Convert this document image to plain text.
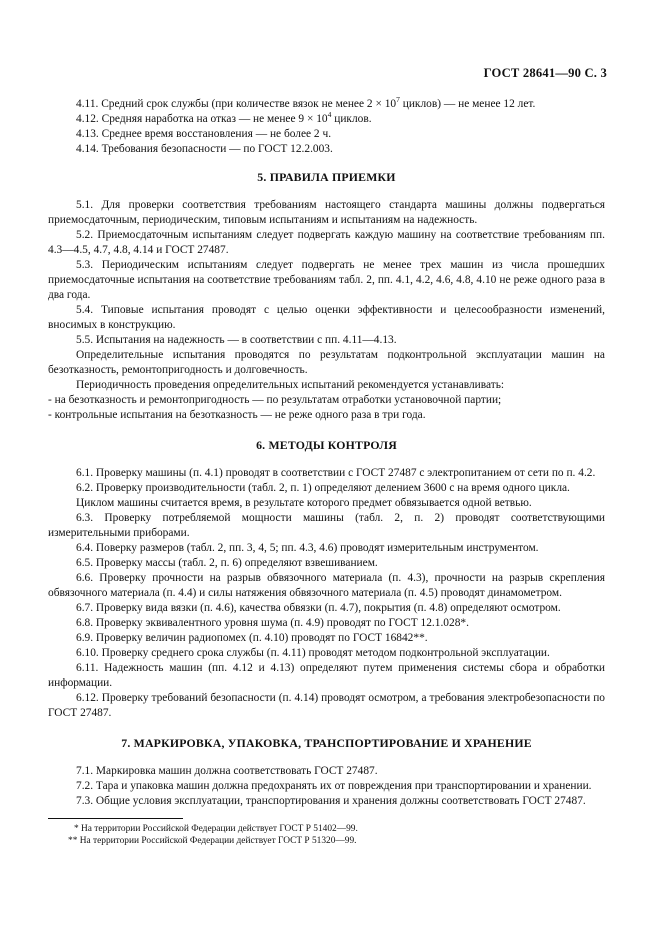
ГОСТ 28641—90 С. 3

4.11. Средний срок службы (при количестве вязок не менее $2 \times 10^7$ циклов) — не менее 12 лет.

4.12. Средняя наработка на отказ — не менее $9 \times 10^4$ циклов.

4.13. Среднее время восстановления — не более 2 ч.

4.14. Требования безопасности — по ГОСТ 12.2.003.

5. ПРАВИЛА ПРИЕМКИ

5.1. Для проверки соответствия требованиям настоящего стандарта машины должны подвергаться приемосдаточным, периодическим, типовым испытаниям и испытаниям на надежность.

5.2. Приемосдаточным испытаниям следует подвергать каждую машину на соответствие требованиям пп. 4.3—4.5, 4.7, 4.8, 4.14 и ГОСТ 27487.

5.3. Периодическим испытаниям следует подвергать не менее трех машин из числа прошедших приемосдаточные испытания на соответствие требованиям табл. 2, пп. 4.1, 4.2, 4.6, 4.8, 4.10 не реже одного раза в два года.

5.4. Типовые испытания проводят с целью оценки эффективности и целесообразности изменений, вносимых в конструкцию.

5.5. Испытания на надежность — в соответствии с пп. 4.11—4.13.

Определительные испытания проводятся по результатам подконтрольной эксплуатации машин на безотказность, ремонтопригодность и долговечность.

Периодичность проведения определительных испытаний рекомендуется устанавливать:

- на безотказность и ремонтопригодность — по результатам отработки установочной партии;

- контрольные испытания на безотказность — не реже одного раза в три года.

6. МЕТОДЫ КОНТРОЛЯ

6.1. Проверку машины (п. 4.1) проводят в соответствии с ГОСТ 27487 с электропитанием от сети по п. 4.2.

6.2. Проверку производительности (табл. 2, п. 1) определяют делением 3600 с на время одного цикла.

Циклом машины считается время, в результате которого предмет обвязывается одной ветвью.

6.3. Проверку потребляемой мощности машины (табл. 2, п. 2) проводят соответствующими измерительными приборами.

6.4. Поверку размеров (табл. 2, пп. 3, 4, 5; пп. 4.3, 4.6) проводят измерительным инструментом.

6.5. Проверку массы (табл. 2, п. 6) определяют взвешиванием.

6.6. Проверку прочности на разрыв обвязочного материала (п. 4.3), прочности на разрыв скрепления обвязочного материала (п. 4.4) и силы натяжения обвязочного материала (п. 4.5) проводят динамометром.

6.7. Проверку вида вязки (п. 4.6), качества обвязки (п. 4.7), покрытия (п. 4.8) определяют осмотром.

6.8. Проверку эквивалентного уровня шума (п. 4.9) проводят по ГОСТ 12.1.028*.

6.9. Проверку величин радиопомех (п. 4.10) проводят по ГОСТ 16842**.

6.10. Проверку среднего срока службы (п. 4.11) проводят методом подконтрольной эксплуатации.

6.11. Надежность машин (пп. 4.12 и 4.13) определяют путем применения системы сбора и обработки информации.

6.12. Проверку требований безопасности (п. 4.14) проводят осмотром, а требования электробезопасности по ГОСТ 27487.

7. МАРКИРОВКА, УПАКОВКА, ТРАНСПОРТИРОВАНИЕ И ХРАНЕНИЕ

7.1. Маркировка машин должна соответствовать ГОСТ 27487.

7.2. Тара и упаковка машин должна предохранять их от повреждения при транспортировании и хранении.

7.3. Общие условия эксплуатации, транспортирования и хранения должны соответствовать ГОСТ 27487.

* На территории Российской Федерации действует ГОСТ Р 51402—99.

** На территории Российской Федерации действует ГОСТ Р 51320—99.
